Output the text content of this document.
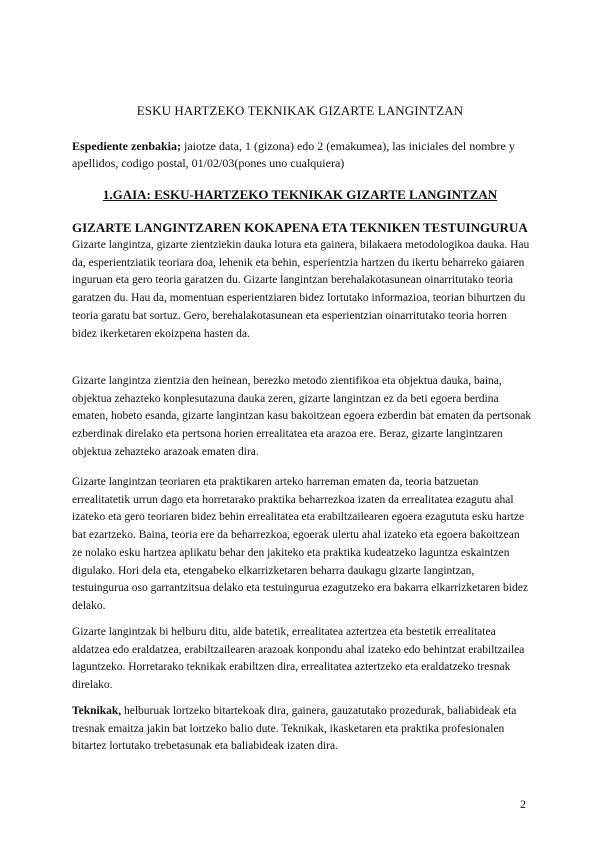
ESKU HARTZEKO TEKNIKAK GIZARTE LANGINTZAN
Espediente zenbakia; jaiotze data, 1 (gizona) edo 2 (emakumea), las iniciales del nombre y apellidos, codigo postal, 01/02/03(pones uno cualquiera)
1.GAIA: ESKU-HARTZEKO TEKNIKAK GIZARTE LANGINTZAN
GIZARTE LANGINTZAREN KOKAPENA ETA TEKNIKEN TESTUINGURUA

Gizarte langintza, gizarte zientziekin dauka lotura eta gainera, bilakaera metodologikoa dauka. Hau da, esperientziatik teoriara doa, lehenik eta behin, esperientzia hartzen du ikertu beharreko gaiaren inguruan eta gero teoria garatzen du. Gizarte langintzan berehalakotasunean oinarritutako teoria garatzen du. Hau da, momentuan esperientziaren bidez lortutako informazioa, teorian bihurtzen du teoria garatu bat sortuz. Gero, berehalakotasunean eta esperientzian oinarritutako teoria horren bidez ikerketaren ekoizpena hasten da.

Gizarte langintza zientzia den heinean, berezko metodo zientifikoa eta objektua dauka, baina, objektua zehazteko konplesutazuna dauka zeren, gizarte langintzan ez da beti egoera berdina ematen, hobeto esanda, gizarte langintzan kasu bakoitzean egoera ezberdin bat ematen da pertsonak ezberdinak direlako eta pertsona horien errealitatea eta arazoa ere. Beraz, gizarte langintzaren objektua zehazteko arazoak ematen dira.

Gizarte langintzan teoriaren eta praktikaren arteko harreman ematen da, teoria batzuetan errealitatetik urrun dago eta horretarako praktika beharrezkoa izaten da errealitatea ezagutu ahal izateko eta gero teoriaren bidez behin errealitatea eta erabiltzailearen egoera ezagututa esku hartze bat ezartzeko. Baina, teoria ere da beharrezkoa, egoerak ulertu ahal izateko eta egoera bakoitzean ze nolako esku hartzea aplikatu behar den jakiteko eta praktika kudeatzeko laguntza eskaintzen digulako. Hori dela eta, etengabeko elkarrizketaren beharra daukagu gizarte langintzan, testuingurua oso garrantzitsua delako eta testuingurua ezagutzeko era bakarra elkarrizketaren bidez delako.

Gizarte langintzak bi helburu ditu, alde batetik, errealitatea aztertzea eta bestetik errealitatea aldatzea edo eraldatzea, erabiltzailearen arazoak konpondu ahal izateko edo behintzat erabiltzailea laguntzeko. Horretarako teknikak erabiltzen dira, errealitatea aztertzeko eta eraldatzeko tresnak direlako.

Teknikak, helburuak lortzeko bitartekoak dira, gainera, gauzatutako prozedurak, baliabideak eta tresnak emaitza jakin bat lortzeko balio dute. Teknikak, ikasketaren eta praktika profesionalen bitartez lortutako trebetasunak eta baliabideak izaten dira.

2
